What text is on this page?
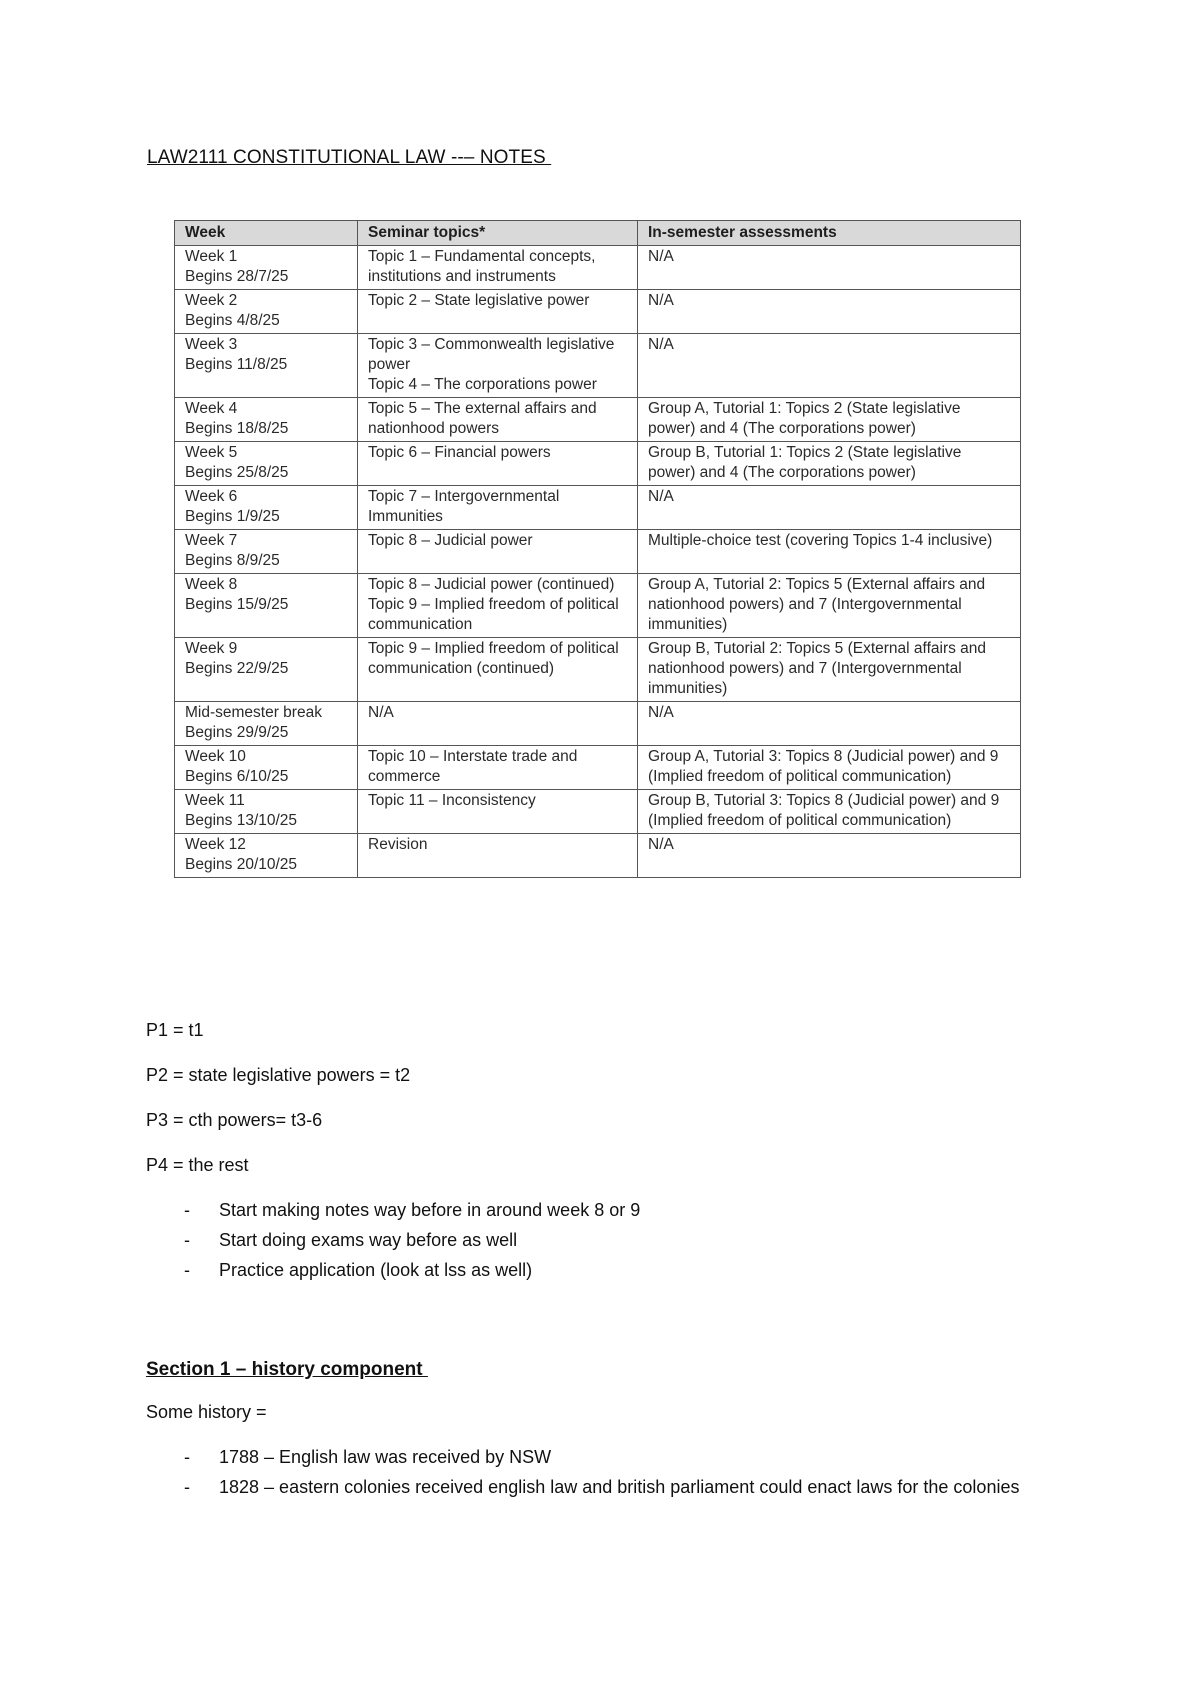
LAW2111 CONSTITUTIONAL LAW --– NOTES
Week	Seminar topics*	In-semester assessments

Week 1
Begins 28/7/25	Topic 1 – Fundamental concepts, institutions and instruments	N/A

Week 2
Begins 4/8/25	Topic 2 – State legislative power	N/A

Week 3
Begins 11/8/25	Topic 3 – Commonwealth legislative power
Topic 4 – The corporations power	N/A

Week 4
Begins 18/8/25	Topic 5 – The external affairs and nationhood powers	Group A, Tutorial 1: Topics 2 (State legislative power) and 4 (The corporations power)

Week 5
Begins 25/8/25	Topic 6 – Financial powers	Group B, Tutorial 1: Topics 2 (State legislative power) and 4 (The corporations power)

Week 6
Begins 1/9/25	Topic 7 – Intergovernmental Immunities	N/A

Week 7
Begins 8/9/25	Topic 8 – Judicial power	Multiple-choice test (covering Topics 1-4 inclusive)

Week 8
Begins 15/9/25	Topic 8 – Judicial power (continued)
Topic 9 – Implied freedom of political communication	Group A, Tutorial 2: Topics 5 (External affairs and nationhood powers) and 7 (Intergovernmental immunities)

Week 9
Begins 22/9/25	Topic 9 – Implied freedom of political communication (continued)	Group B, Tutorial 2: Topics 5 (External affairs and nationhood powers) and 7 (Intergovernmental immunities)

Mid-semester break
Begins 29/9/25	N/A	N/A

Week 10
Begins 6/10/25	Topic 10 – Interstate trade and commerce	Group A, Tutorial 3: Topics 8 (Judicial power) and 9 (Implied freedom of political communication)

Week 11
Begins 13/10/25	Topic 11 – Inconsistency	Group B, Tutorial 3: Topics 8 (Judicial power) and 9 (Implied freedom of political communication)

Week 12
Begins 20/10/25	Revision	N/A
P1 = t1
P2 = state legislative powers = t2
P3 = cth powers= t3-6
P4 = the rest
- Start making notes way before in around week 8 or 9
- Start doing exams way before as well
- Practice application (look at lss as well)
Section 1 – history component
Some history =
- 1788 – English law was received by NSW
- 1828 – eastern colonies received english law and british parliament could enact laws for the colonies
